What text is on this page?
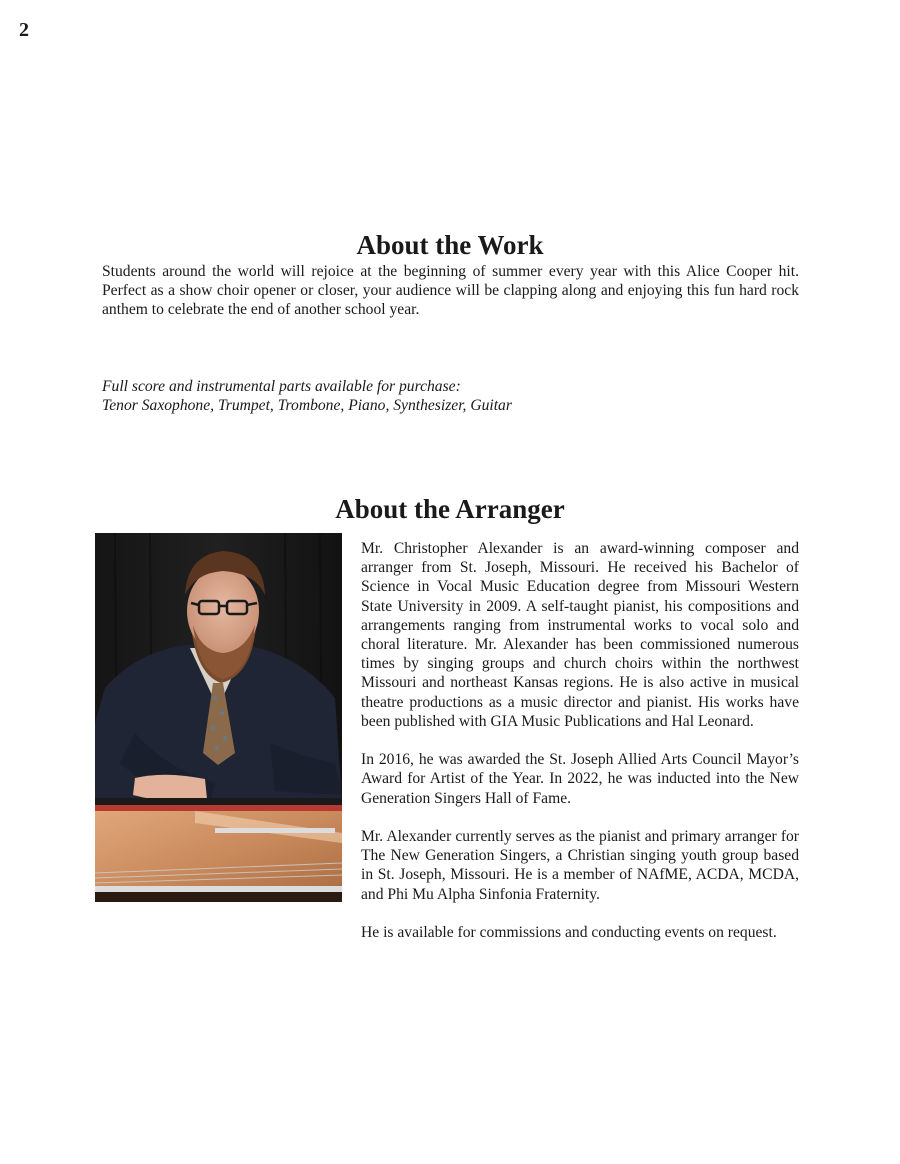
2
About the Work

Students around the world will rejoice at the beginning of summer every year with this Alice Cooper hit. Perfect as a show choir opener or closer, your audience will be clapping along and enjoying this fun hard rock anthem to celebrate the end of another school year.

Full score and instrumental parts available for purchase:

Tenor Saxophone, Trumpet, Trombone, Piano, Synthesizer, Guitar

About the Arranger

Mr. Christopher Alexander is an award-winning composer and arranger from St. Joseph, Missouri. He received his Bachelor of Science in Vocal Music Education degree from Missouri Western State University in 2009. A self-taught pianist, his compositions and arrangements ranging from instrumental works to vocal solo and choral literature. Mr. Alexander has been commissioned numerous times by singing groups and church choirs within the northwest Missouri and northeast Kansas regions. He is also active in musical theatre productions as a music director and pianist. His works have been published with GIA Music Publications and Hal Leonard.

In 2016, he was awarded the St. Joseph Allied Arts Council Mayor’s Award for Artist of the Year. In 2022, he was inducted into the New Generation Singers Hall of Fame.

Mr. Alexander currently serves as the pianist and primary arranger for The New Generation Singers, a Christian singing youth group based in St. Joseph, Missouri. He is a member of NAfME, ACDA, MCDA, and Phi Mu Alpha Sinfonia Fraternity.

He is available for commissions and conducting events on request.
